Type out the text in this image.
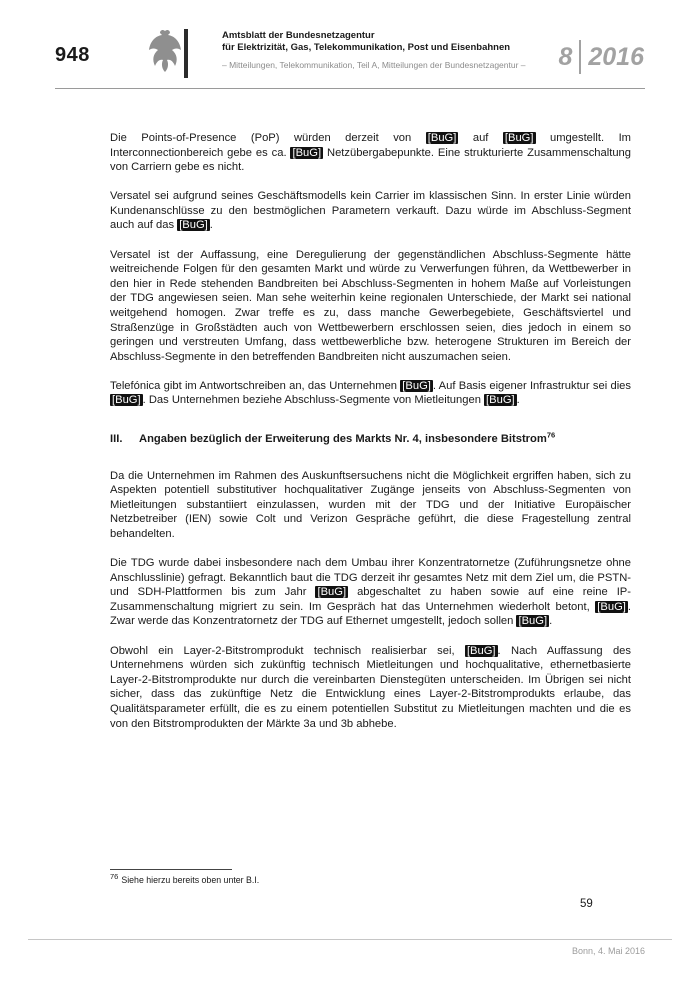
948
Amtsblatt der Bundesnetzagentur
für Elektrizität, Gas, Telekommunikation, Post und Eisenbahnen
– Mitteilungen, Telekommunikation, Teil A, Mitteilungen der Bundesnetzagentur –	8 2016

Die Points-of-Presence (PoP) würden derzeit von [BuG] auf [BuG] umgestellt. Im Interconnectionbereich gebe es ca. [BuG] Netzübergabepunkte. Eine strukturierte Zusammenschaltung von Carriern gebe es nicht.

Versatel sei aufgrund seines Geschäftsmodells kein Carrier im klassischen Sinn. In erster Linie würden Kundenanschlüsse zu den bestmöglichen Parametern verkauft. Dazu würde im Abschluss-Segment auch auf das [BuG] .

Versatel ist der Auffassung, eine Deregulierung der gegenständlichen Abschluss-Segmente hätte weitreichende Folgen für den gesamten Markt und würde zu Verwerfungen führen, da Wettbewerber in den hier in Rede stehenden Bandbreiten bei Abschluss-Segmenten in hohem Maße auf Vorleistungen der TDG angewiesen seien. Man sehe weiterhin keine regionalen Unterschiede, der Markt sei national weitgehend homogen. Zwar treffe es zu, dass manche Gewerbegebiete, Geschäftsviertel und Straßenzüge in Großstädten auch von Wettbewerbern erschlossen seien, dies jedoch in einem so geringen und verstreuten Umfang, dass wettbewerbliche bzw. heterogene Strukturen im Bereich der Abschluss-Segmente in den betreffenden Bandbreiten nicht auszumachen seien.

Telefónica gibt im Antwortschreiben an, das Unternehmen [BuG] . Auf Basis eigener Infrastruktur sei dies [BuG] . Das Unternehmen beziehe Abschluss-Segmente von Mietleitungen [BuG] .

III.	Angaben bezüglich der Erweiterung des Markts Nr. 4, insbesondere Bitstrom$^{76}$

Da die Unternehmen im Rahmen des Auskunftsersuchens nicht die Möglichkeit ergriffen haben, sich zu Aspekten potentiell substitutiver hochqualitativer Zugänge jenseits von Abschluss-Segmenten von Mietleitungen substantiiert einzulassen, wurden mit der TDG und der Initiative Europäischer Netzbetreiber (IEN) sowie Colt und Verizon Gespräche geführt, die diese Fragestellung zentral behandelten.

Die TDG wurde dabei insbesondere nach dem Umbau ihrer Konzentratornetze (Zuführungsnetze ohne Anschlusslinie) gefragt. Bekanntlich baut die TDG derzeit ihr gesamtes Netz mit dem Ziel um, die PSTN- und SDH-Plattformen bis zum Jahr [BuG] abgeschaltet zu haben sowie auf eine reine IP-Zusammenschaltung migriert zu sein. Im Gespräch hat das Unternehmen wiederholt betont, [BuG] . Zwar werde das Konzentratornetz der TDG auf Ethernet umgestellt, jedoch sollen [BuG] .

Obwohl ein Layer-2-Bitstromprodukt technisch realisierbar sei, [BuG] . Nach Auffassung des Unternehmens würden sich zukünftig technisch Mietleitungen und hochqualitative, ethernetbasierte Layer-2-Bitstromprodukte nur durch die vereinbarten Dienstegüten unterscheiden. Im Übrigen sei nicht sicher, dass das zukünftige Netz die Entwicklung eines Layer-2-Bitstromprodukts erlaube, das Qualitätsparameter erfüllt, die es zu einem potentiellen Substitut zu Mietleitungen machten und die es von den Bitstromprodukten der Märkte 3a und 3b abhebe.

$^{76}$ Siehe hierzu bereits oben unter B.I.
59
Bonn, 4. Mai 2016
